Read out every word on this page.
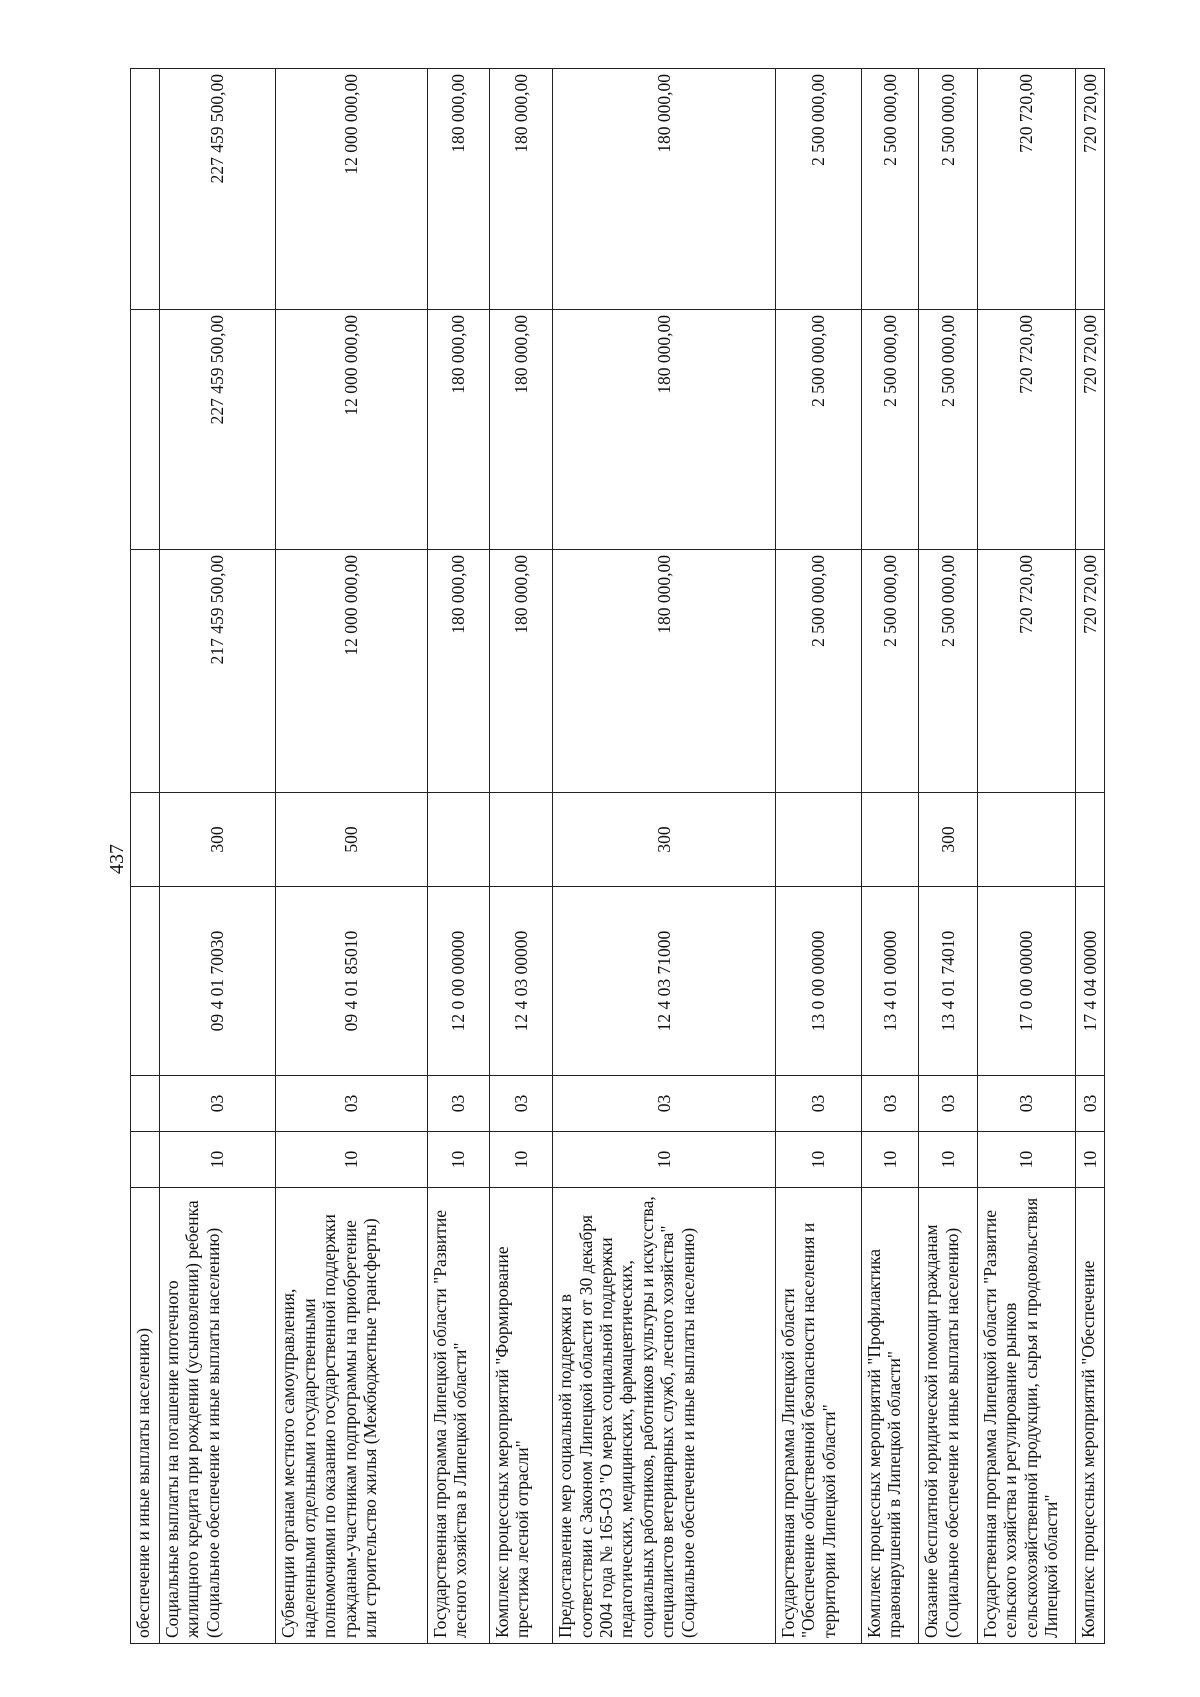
437
обеспечение и иные выплаты населению)							
Социальные выплаты на погашение ипотечного жилищного кредита при рождении (усыновлении) ребенка (Социальное обеспечение и иные выплаты населению)	10	03	09 4 01 70030	300	217 459 500,00	227 459 500,00	227 459 500,00
Субвенции органам местного самоуправления, наделенными отдельными государственными полномочиями по оказанию государственной поддержки гражданам-участникам подпрограммы на приобретение или строительство жилья (Межбюджетные трансферты)	10	03	09 4 01 85010	500	12 000 000,00	12 000 000,00	12 000 000,00
Государственная программа Липецкой области "Развитие лесного хозяйства в Липецкой области"	10	03	12 0 00 00000		180 000,00	180 000,00	180 000,00
Комплекс процессных мероприятий "Формирование престижа лесной отрасли"	10	03	12 4 03 00000		180 000,00	180 000,00	180 000,00
Предоставление мер социальной поддержки в соответствии с Законом Липецкой области от 30 декабря 2004 года № 165-ОЗ "О мерах социальной поддержки педагогических, медицинских, фармацевтических, социальных работников, работников культуры и искусства, специалистов ветеринарных служб, лесного хозяйства" (Социальное обеспечение и иные выплаты населению)	10	03	12 4 03 71000	300	180 000,00	180 000,00	180 000,00
Государственная программа Липецкой области "Обеспечение общественной безопасности населения и территории Липецкой области"	10	03	13 0 00 00000		2 500 000,00	2 500 000,00	2 500 000,00
Комплекс процессных мероприятий "Профилактика правонарушений в Липецкой области"	10	03	13 4 01 00000		2 500 000,00	2 500 000,00	2 500 000,00
Оказание бесплатной юридической помощи гражданам (Социальное обеспечение и иные выплаты населению)	10	03	13 4 01 74010	300	2 500 000,00	2 500 000,00	2 500 000,00
Государственная программа Липецкой области "Развитие сельского хозяйства и регулирование рынков сельскохозяйственной продукции, сырья и продовольствия Липецкой области"	10	03	17 0 00 00000		720 720,00	720 720,00	720 720,00
Комплекс процессных мероприятий "Обеспечение	10	03	17 4 04 00000		720 720,00	720 720,00	720 720,00
